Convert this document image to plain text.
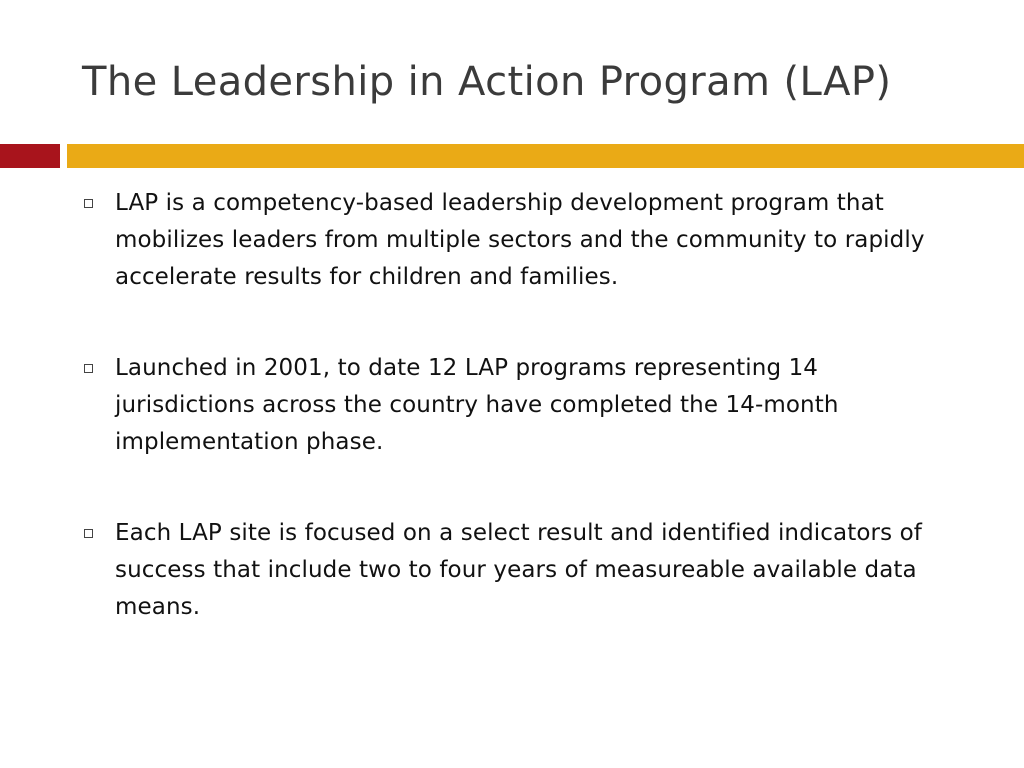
The Leadership in Action Program (LAP)
LAP is a competency-based leadership development program that mobilizes leaders from multiple sectors and the community to rapidly accelerate results for children and families.
Launched in 2001, to date 12 LAP programs representing 14 jurisdictions across the country have completed the 14-month implementation phase.
Each LAP site is focused on a select result and identified indicators of success that include two to four years of measureable available data means.
